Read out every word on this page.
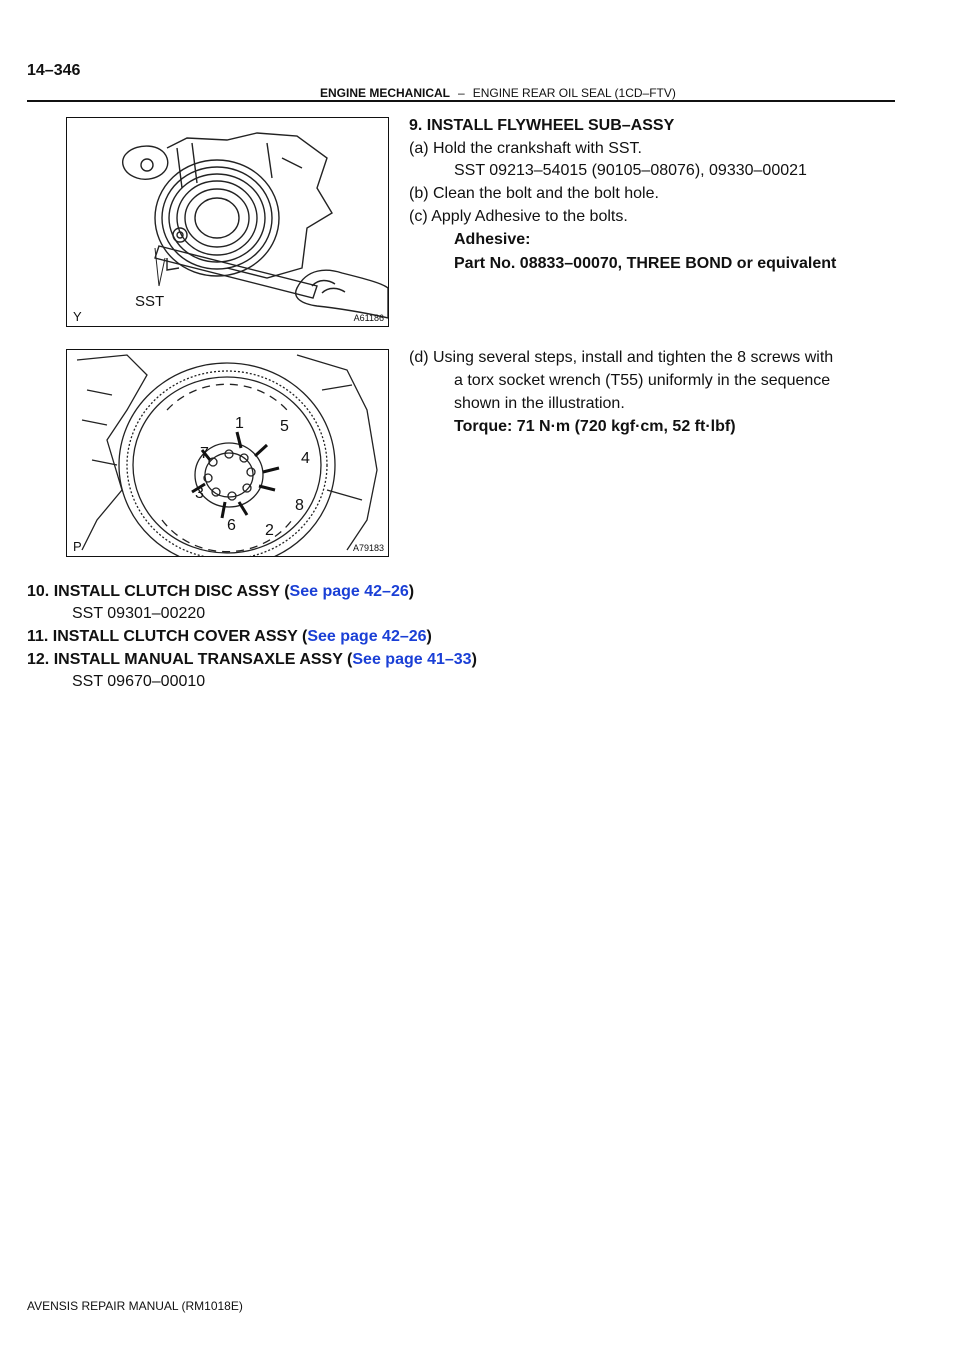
14–346
ENGINE MECHANICAL – ENGINE REAR OIL SEAL (1CD–FTV)
SST
Y	A61186
1 5
4
8
2
6
3
7
P	A79183
9. INSTALL FLYWHEEL SUB–ASSY
(a) Hold the crankshaft with SST.
SST 09213–54015 (90105–08076), 09330–00021
(b) Clean the bolt and the bolt hole.
(c) Apply Adhesive to the bolts.
Adhesive:
Part No. 08833–00070, THREE BOND or equivalent
(d) Using several steps, install and tighten the 8 screws with
a torx socket wrench (T55) uniformly in the sequence
shown in the illustration.
Torque: 71 N·m (720 kgf·cm, 52 ft·lbf)
10. INSTALL CLUTCH DISC ASSY (See page 42–26)
SST 09301–00220
11. INSTALL CLUTCH COVER ASSY (See page 42–26)
12. INSTALL MANUAL TRANSAXLE ASSY (See page 41–33)
SST 09670–00010
AVENSIS REPAIR MANUAL (RM1018E)
